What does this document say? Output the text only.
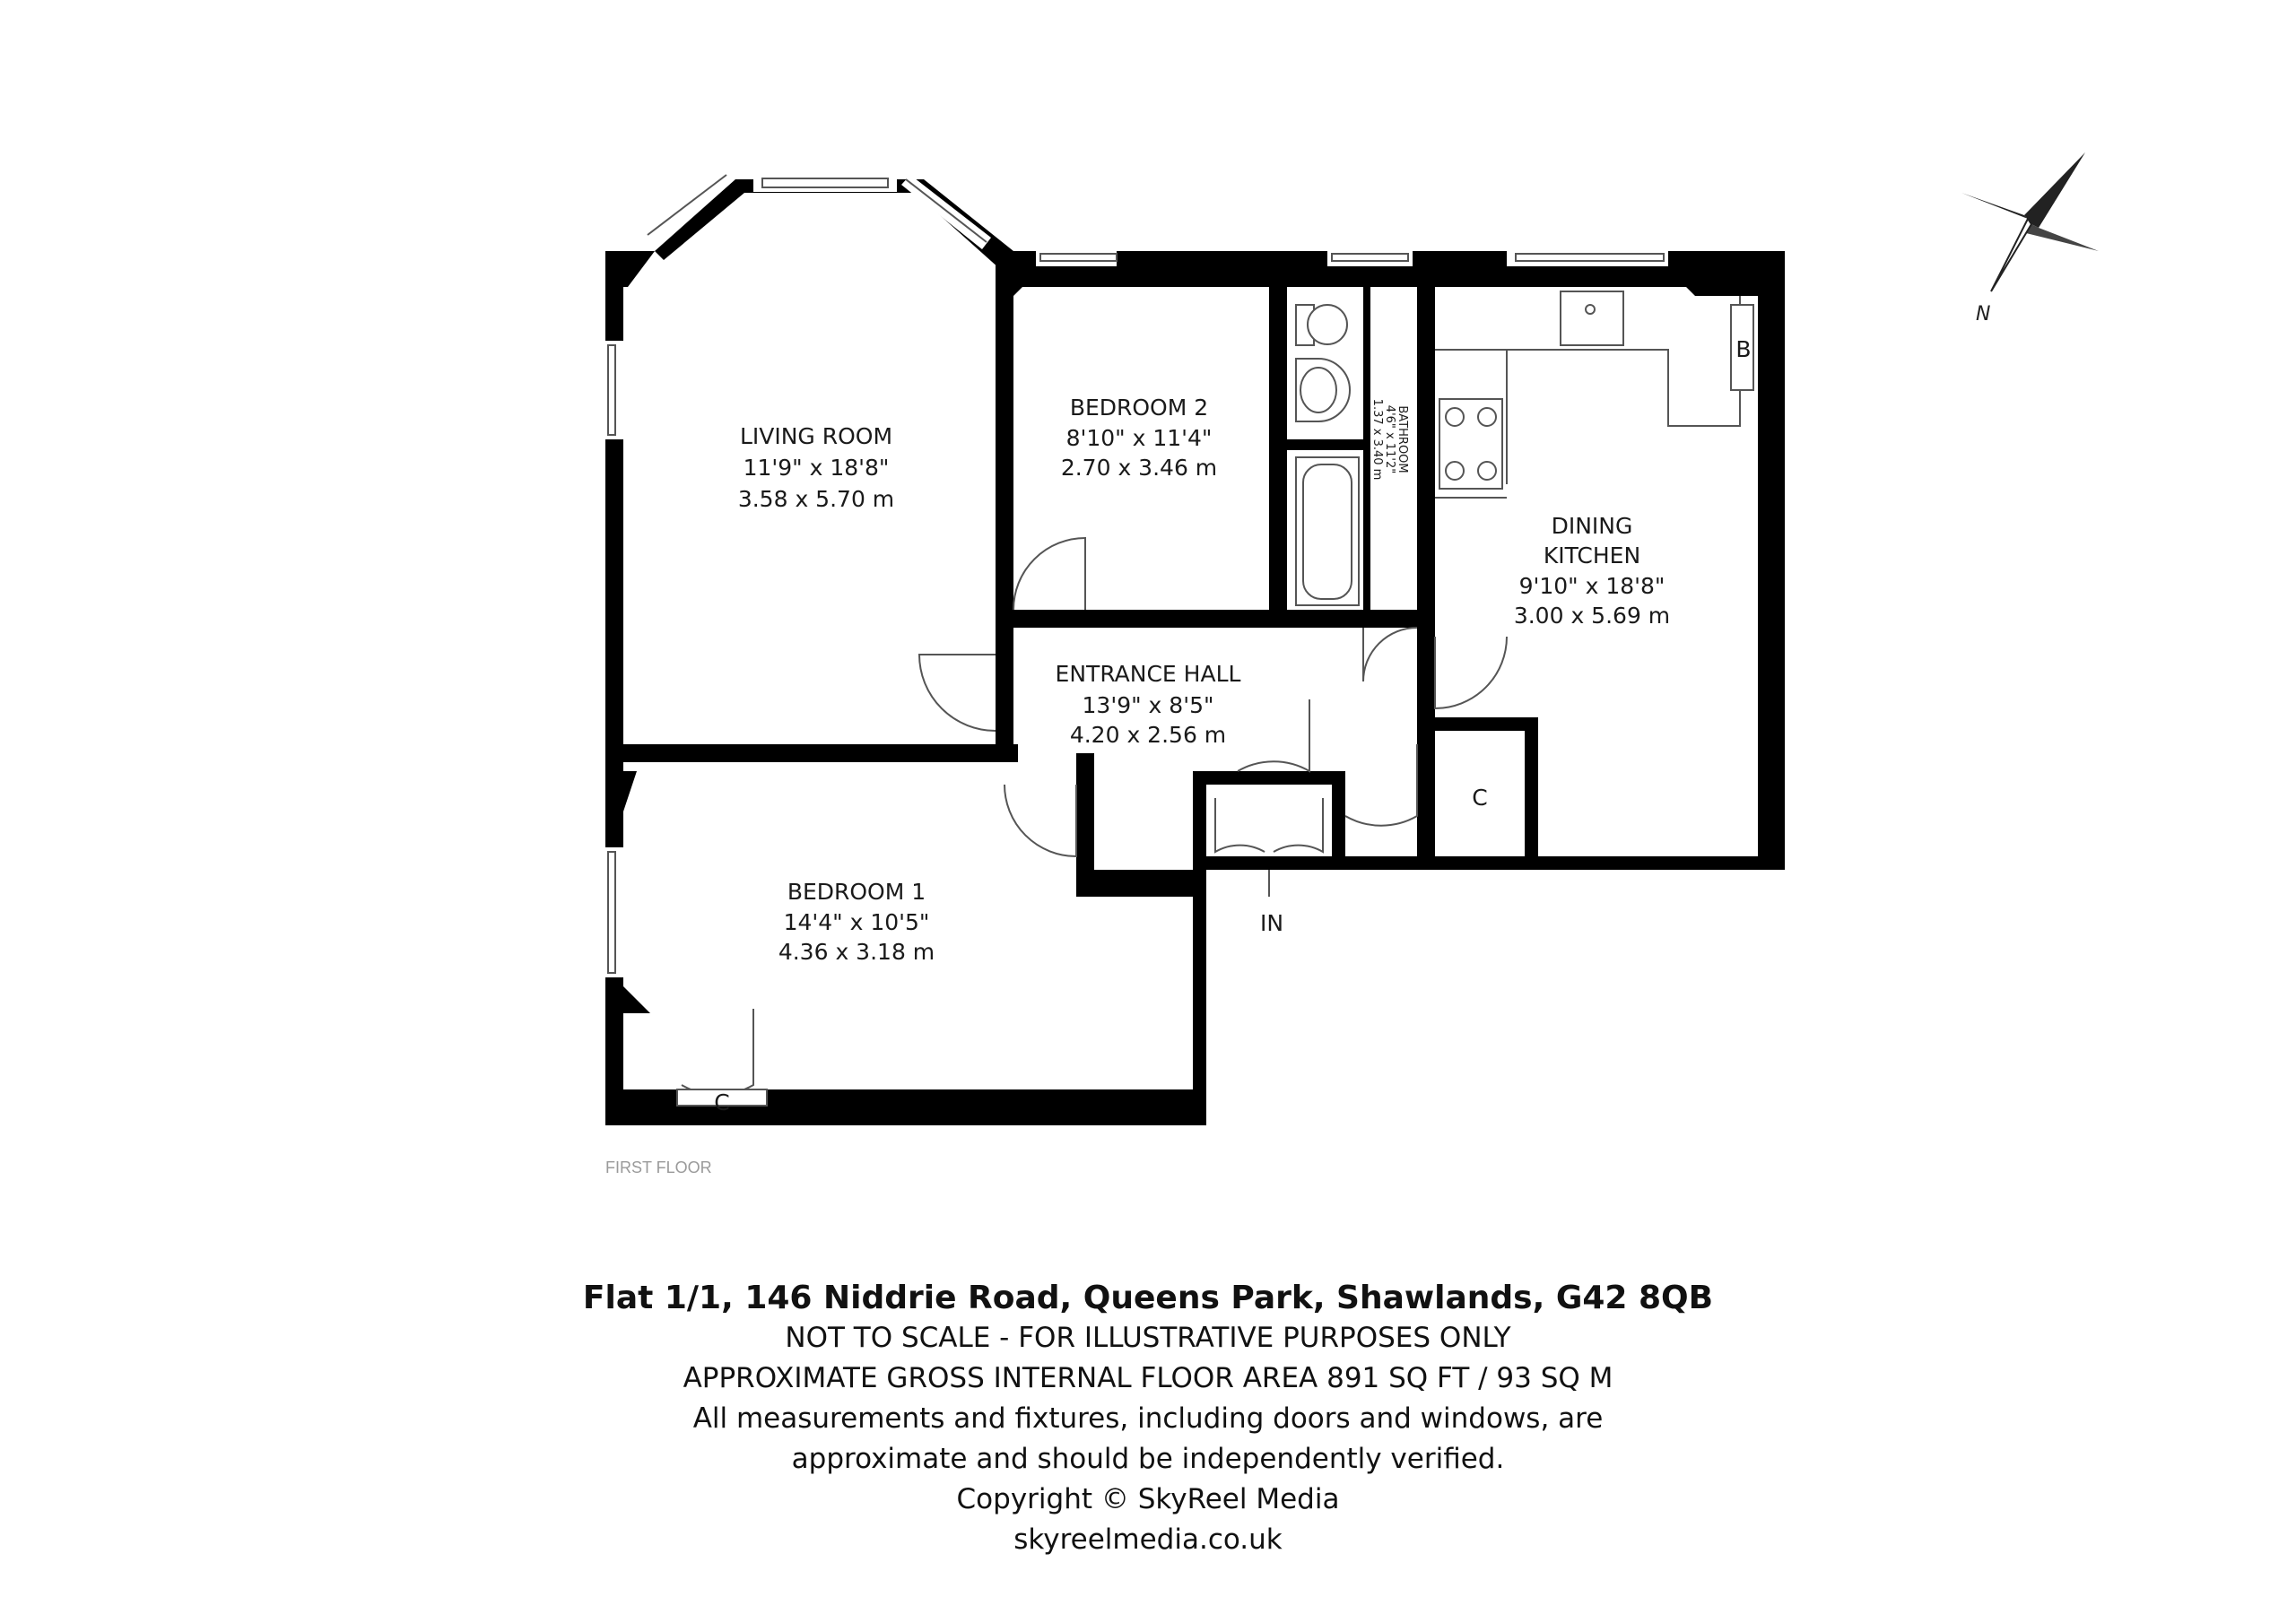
LIVING ROOM
11'9" x 18'8"
3.58 x 5.70 m
BEDROOM 2
8'10" x 11'4"
2.70 x 3.46 m	BATHROOM
4'6" x 11'2"
1.37 x 3.40 m
DINING
KITCHEN
9'10" x 18'8"
3.00 x 5.69 m
ENTRANCE HALL
13'9" x 8'5"
4.20 x 2.56 m
BEDROOM 1
14'4" x 10'5"
4.36 x 3.18 m
B
C
C
IN
FIRST FLOOR
N
Flat 1/1, 146 Niddrie Road, Queens Park, Shawlands, G42 8QB
NOT TO SCALE - FOR ILLUSTRATIVE PURPOSES ONLY
APPROXIMATE GROSS INTERNAL FLOOR AREA 891 SQ FT / 93 SQ M
All measurements and fixtures, including doors and windows, are
approximate and should be independently verified.
Copyright © SkyReel Media
skyreelmedia.co.uk
